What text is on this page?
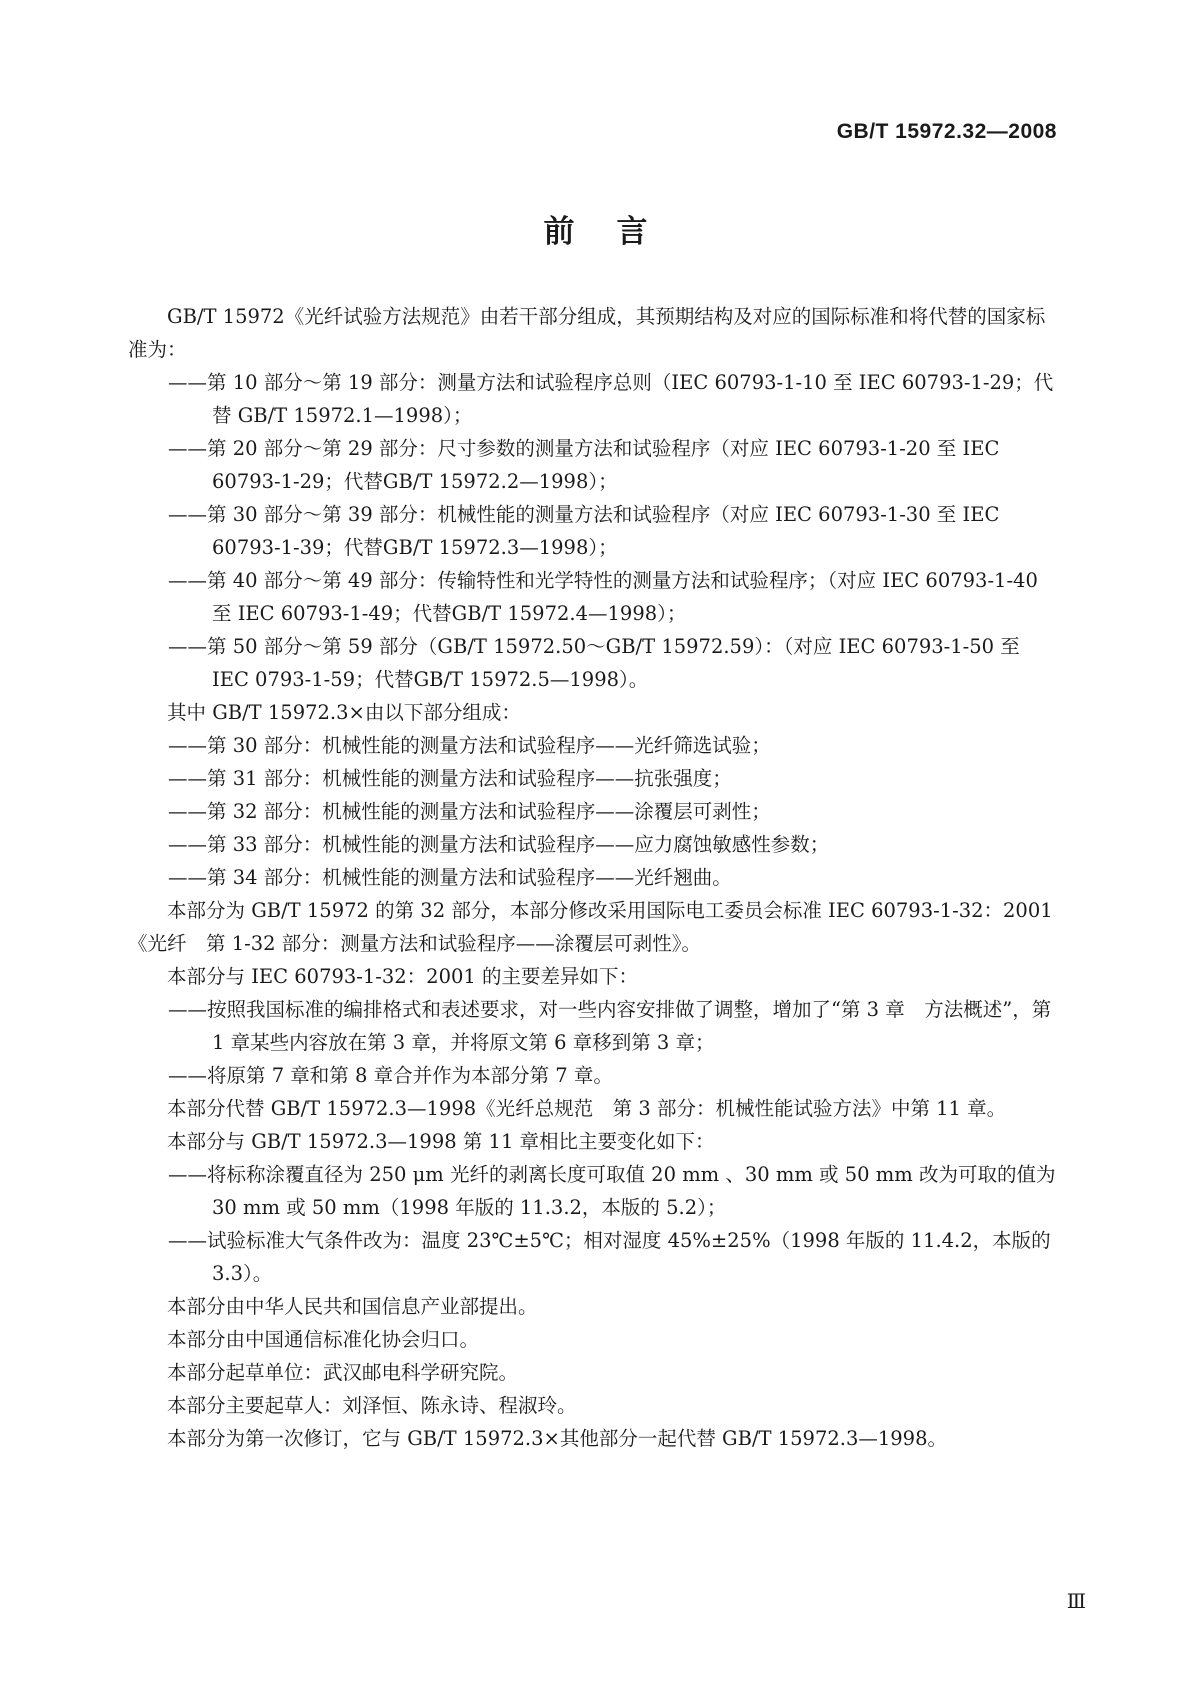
GB/T 15972.32—2008
前言

GB/T 15972《光纤试验方法规范》由若干部分组成，其预期结构及对应的国际标准和将代替的国家标准为：

——第 10 部分～第 19 部分：测量方法和试验程序总则（IEC 60793-1-10 至 IEC 60793-1-29；代替 GB/T 15972.1—1998）；

——第 20 部分～第 29 部分：尺寸参数的测量方法和试验程序（对应 IEC 60793-1-20 至 IEC 60793-1-29；代替GB/T 15972.2—1998）；

——第 30 部分～第 39 部分：机械性能的测量方法和试验程序（对应 IEC 60793-1-30 至 IEC 60793-1-39；代替GB/T 15972.3—1998）；

——第 40 部分～第 49 部分：传输特性和光学特性的测量方法和试验程序；（对应 IEC 60793-1-40 至 IEC 60793-1-49；代替GB/T 15972.4—1998）；

——第 50 部分～第 59 部分（GB/T 15972.50～GB/T 15972.59）：（对应 IEC 60793-1-50 至 IEC 0793-1-59；代替GB/T 15972.5—1998）。

其中 GB/T 15972.3×由以下部分组成：

——第 30 部分：机械性能的测量方法和试验程序——光纤筛选试验；

——第 31 部分：机械性能的测量方法和试验程序——抗张强度；

——第 32 部分：机械性能的测量方法和试验程序——涂覆层可剥性；

——第 33 部分：机械性能的测量方法和试验程序——应力腐蚀敏感性参数；

——第 34 部分：机械性能的测量方法和试验程序——光纤翘曲。

本部分为 GB/T 15972 的第 32 部分，本部分修改采用国际电工委员会标准 IEC 60793-1-32：2001《光纤　第 1-32 部分：测量方法和试验程序——涂覆层可剥性》。

本部分与 IEC 60793-1-32：2001 的主要差异如下：

——按照我国标准的编排格式和表述要求，对一些内容安排做了调整，增加了“第 3 章　方法概述”，第 1 章某些内容放在第 3 章，并将原文第 6 章移到第 3 章；

——将原第 7 章和第 8 章合并作为本部分第 7 章。

本部分代替 GB/T 15972.3—1998《光纤总规范　第 3 部分：机械性能试验方法》中第 11 章。

本部分与 GB/T 15972.3—1998 第 11 章相比主要变化如下：

——将标称涂覆直径为 250 μm 光纤的剥离长度可取值 20 mm 、30 mm 或 50 mm 改为可取的值为 30 mm 或 50 mm（1998 年版的 11.3.2，本版的 5.2）；

——试验标准大气条件改为：温度 23℃±5℃；相对湿度 45%±25%（1998 年版的 11.4.2，本版的 3.3）。

本部分由中华人民共和国信息产业部提出。

本部分由中国通信标准化协会归口。

本部分起草单位：武汉邮电科学研究院。

本部分主要起草人：刘泽恒、陈永诗、程淑玲。

本部分为第一次修订，它与 GB/T 15972.3×其他部分一起代替 GB/T 15972.3—1998。

Ⅲ
